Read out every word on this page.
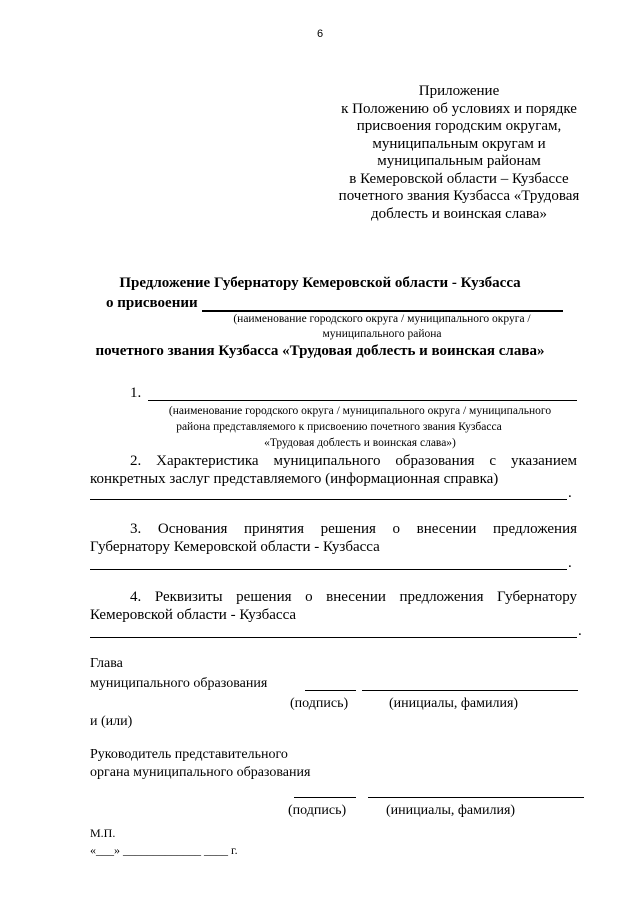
6
Приложение
к Положению об условиях и порядке
присвоения городским округам,
муниципальным округам и
муниципальным районам
в Кемеровской области – Кузбассе
почетного звания Кузбасса «Трудовая
доблесть и воинская слава»
Предложение Губернатору Кемеровской области - Кузбасса
о присвоении
(наименование городского округа / муниципального округа /
муниципального района
почетного звания Кузбасса «Трудовая доблесть и воинская слава»
1.
(наименование городского округа / муниципального округа / муниципального
района представляемого к присвоению почетного звания Кузбасса
«Трудовая доблесть и воинская слава»)
2. Характеристика муниципального образования с указанием
конкретных заслуг представляемого (информационная справка)
.
3. Основания принятия решения о внесении предложения
Губернатору Кемеровской области - Кузбасса
.
4. Реквизиты решения о внесении предложения Губернатору
Кемеровской области - Кузбасса
.
Глава
муниципального образования
(подпись)	(инициалы, фамилия)
и (или)
Руководитель представительного
органа муниципального образования
(подпись)	(инициалы, фамилия)
М.П.
«___» _____________ ____ г.
